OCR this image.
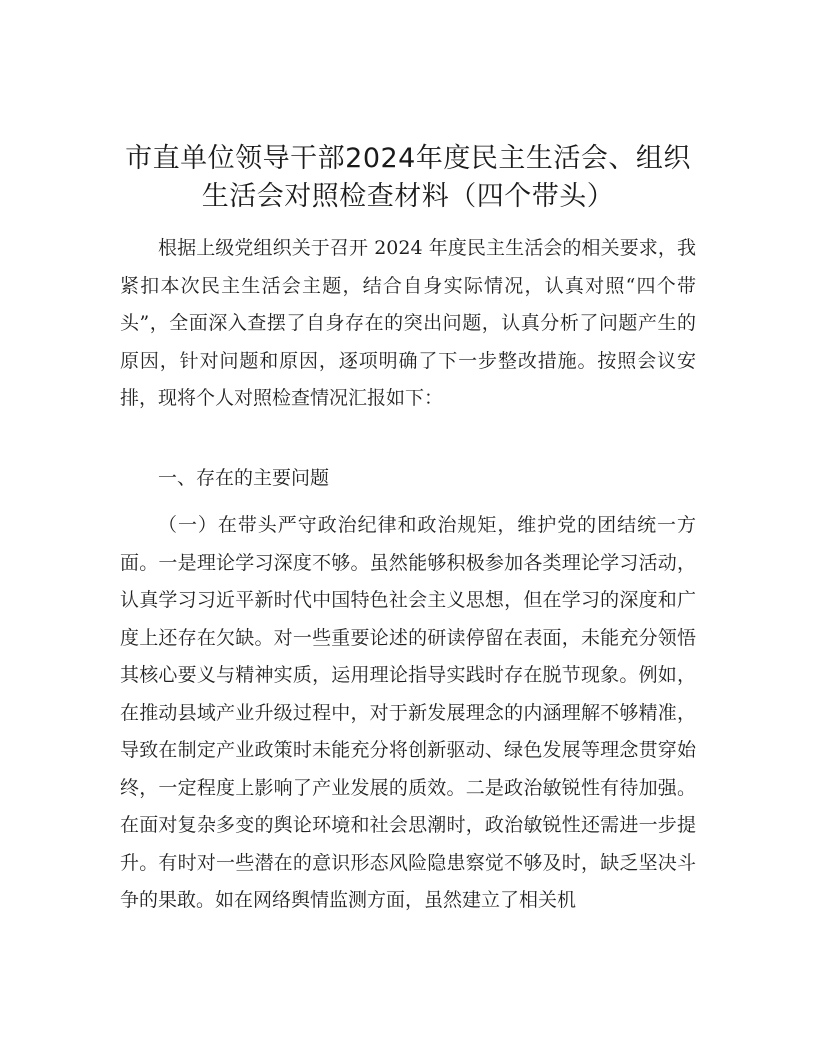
市直单位领导干部2024年度民主生活会、组织
生活会对照检查材料（四个带头）
根据上级党组织关于召开 2024 年度民主生活会的相关要求，我紧扣本次民主生活会主题，结合自身实际情况，认真对照“四个带头”，全面深入查摆了自身存在的突出问题，认真分析了问题产生的原因，针对问题和原因，逐项明确了下一步整改措施。按照会议安排，现将个人对照检查情况汇报如下：
一、存在的主要问题
（一）在带头严守政治纪律和政治规矩，维护党的团结统一方面。一是理论学习深度不够。虽然能够积极参加各类理论学习活动，认真学习习近平新时代中国特色社会主义思想，但在学习的深度和广度上还存在欠缺。对一些重要论述的研读停留在表面，未能充分领悟其核心要义与精神实质，运用理论指导实践时存在脱节现象。例如，在推动县域产业升级过程中，对于新发展理念的内涵理解不够精准，导致在制定产业政策时未能充分将创新驱动、绿色发展等理念贯穿始终，一定程度上影响了产业发展的质效。二是政治敏锐性有待加强。在面对复杂多变的舆论环境和社会思潮时，政治敏锐性还需进一步提升。有时对一些潜在的意识形态风险隐患察觉不够及时，缺乏坚决斗争的果敢。如在网络舆情监测方面，虽然建立了相关机
